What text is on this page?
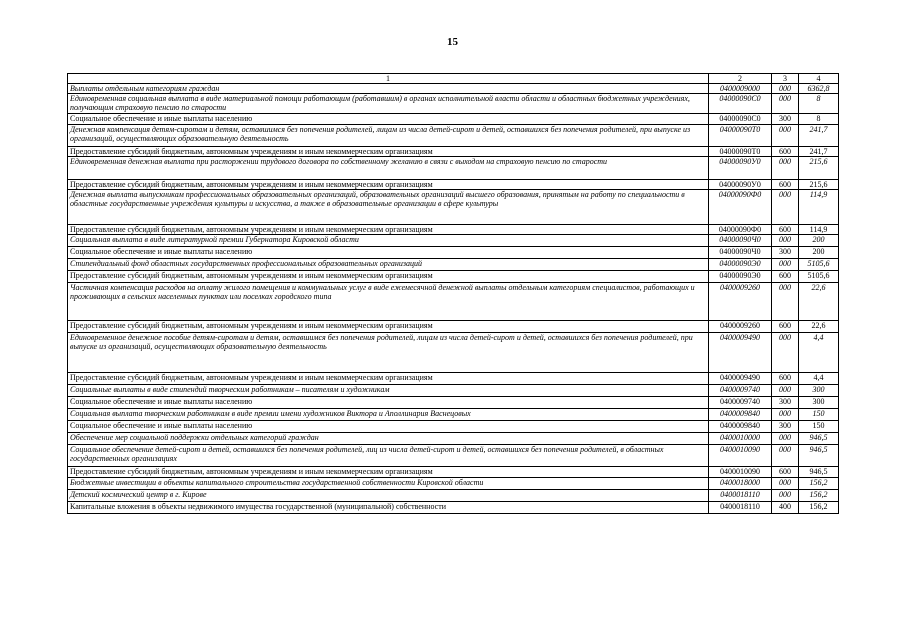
15
1	2	3	4
Выплаты отдельным категориям граждан	0400009000	000	6362,8
Единовременная социальная выплата в виде материальной помощи работающим (работавшим) в органах исполнительной власти области и областных бюджетных учреждениях, получающим страховую пенсию по старости	04000090С0	000	8
Социальное обеспечение и иные выплаты населению	04000090С0	300	8
Денежная компенсация детям-сиротам и детям, оставшимся без попечения родителей, лицам из числа детей-сирот и детей, оставшихся без попечения родителей, при выпуске из организаций, осуществляющих образовательную деятельность	04000090Т0	000	241,7
Предоставление субсидий бюджетным, автономным учреждениям и иным некоммерческим организациям	04000090Т0	600	241,7
Единовременная денежная выплата при расторжении трудового договора по собственному желанию в связи с выходом на страховую пенсию по старости	04000090У0	000	215,6
Предоставление субсидий бюджетным, автономным учреждениям и иным некоммерческим организациям	04000090У0	600	215,6
Денежная выплата выпускникам профессиональных образовательных организаций, образовательных организаций высшего образования, принятым на работу по специальности в областные государственные учреждения культуры и искусства, а также в образовательные организации в сфере культуры	04000090Ф0	000	114,9
Предоставление субсидий бюджетным, автономным учреждениям и иным некоммерческим организациям	04000090Ф0	600	114,9
Социальная выплата в виде литературной премии Губернатора Кировской области	04000090Ч0	000	200
Социальное обеспечение и иные выплаты населению	04000090Ч0	300	200
Стипендиальный фонд областных государственных профессиональных образовательных организаций	04000090Э0	000	5105,6
Предоставление субсидий бюджетным, автономным учреждениям и иным некоммерческим организациям	04000090Э0	600	5105,6
Частичная компенсация расходов на оплату жилого помещения и коммунальных услуг в виде ежемесячной денежной выплаты отдельным категориям специалистов, работающих и проживающих в сельских населенных пунктах или поселках городского типа	0400009260	000	22,6
Предоставление субсидий бюджетным, автономным учреждениям и иным некоммерческим организациям	0400009260	600	22,6
Единовременное денежное пособие детям-сиротам и детям, оставшимся без попечения родителей, лицам из числа детей-сирот и детей, оставшихся без попечения родителей, при выпуске из организаций, осуществляющих образовательную деятельность	0400009490	000	4,4
Предоставление субсидий бюджетным, автономным учреждениям и иным некоммерческим организациям	0400009490	600	4,4
Социальные выплаты в виде стипендий творческим работникам – писателям и художникам	0400009740	000	300
Социальное обеспечение и иные выплаты населению	0400009740	300	300
Социальная выплата творческим работникам в виде премии имени художников Виктора и Аполлинария Васнецовых	0400009840	000	150
Социальное обеспечение и иные выплаты населению	0400009840	300	150
Обеспечение мер социальной поддержки отдельных категорий граждан	0400010000	000	946,5
Социальное обеспечение детей-сирот и детей, оставшихся без попечения родителей, лиц из числа детей-сирот и детей, оставшихся без попечения родителей, в областных государственных организациях	0400010090	000	946,5
Предоставление субсидий бюджетным, автономным учреждениям и иным некоммерческим организациям	0400010090	600	946,5
Бюджетные инвестиции в объекты капитального строительства государственной собственности Кировской области	0400018000	000	156,2
Детский космический центр в г. Кирове	0400018110	000	156,2
Капитальные вложения в объекты недвижимого имущества государственной (муниципальной) собственности	0400018110	400	156,2
